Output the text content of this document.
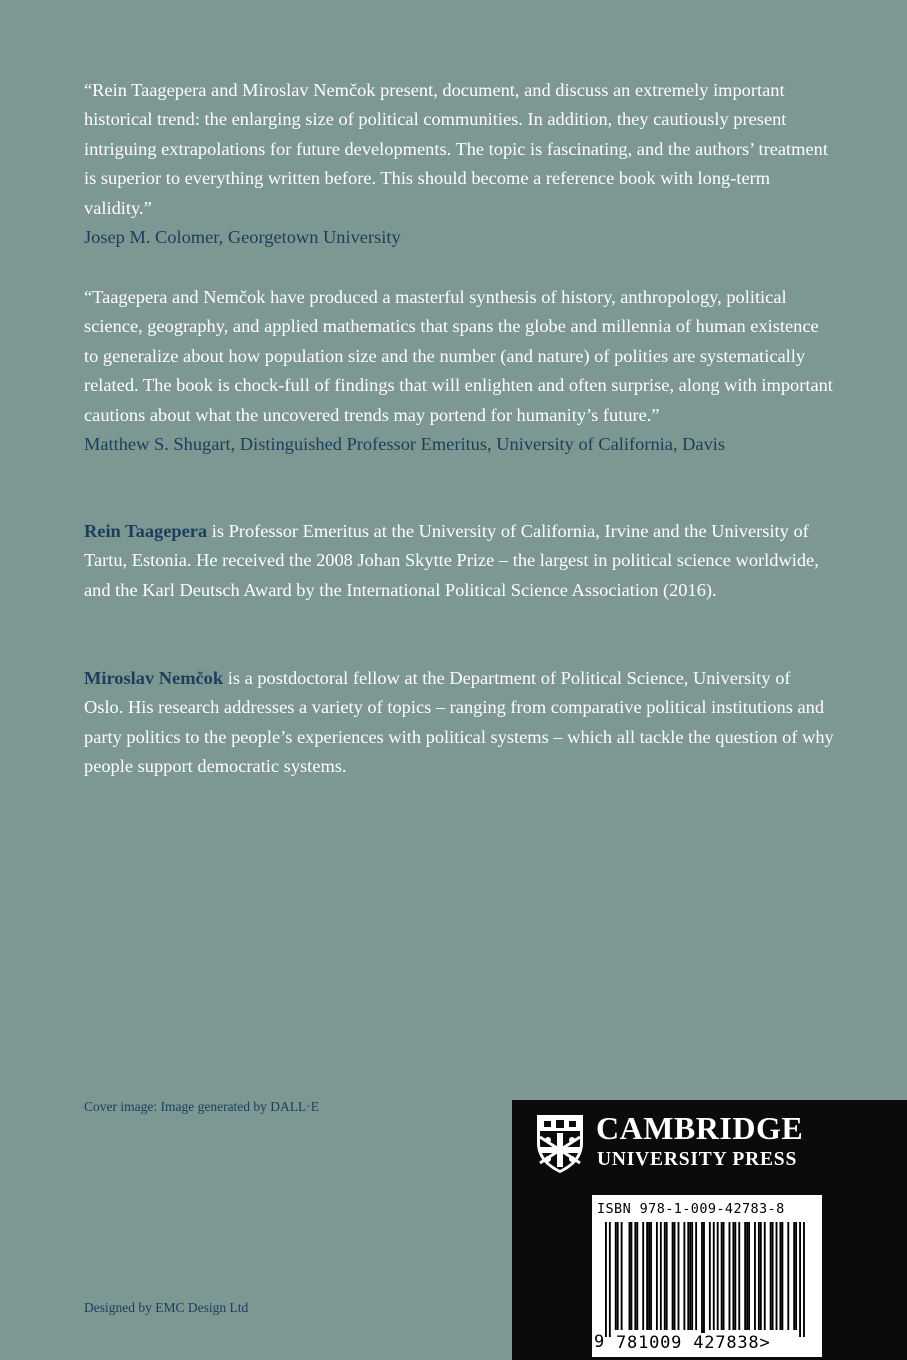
“Rein Taagepera and Miroslav Nemčok present, document, and discuss an extremely important historical trend: the enlarging size of political communities. In addition, they cautiously present intriguing extrapolations for future developments. The topic is fascinating, and the authors’ treatment is superior to everything written before. This should become a reference book with long-term validity.”

Josep M. Colomer, Georgetown University

“Taagepera and Nemčok have produced a masterful synthesis of history, anthropology, political science, geography, and applied mathematics that spans the globe and millennia of human existence to generalize about how population size and the number (and nature) of polities are systematically related. The book is chock-full of findings that will enlighten and often surprise, along with important cautions about what the uncovered trends may portend for humanity’s future.”

Matthew S. Shugart, Distinguished Professor Emeritus, University of California, Davis

Rein Taagepera is Professor Emeritus at the University of California, Irvine and the University of Tartu, Estonia. He received the 2008 Johan Skytte Prize – the largest in political science worldwide, and the Karl Deutsch Award by the International Political Science Association (2016).

Miroslav Nemčok is a postdoctoral fellow at the Department of Political Science, University of Oslo. His research addresses a variety of topics – ranging from comparative political institutions and party politics to the people’s experiences with political systems – which all tackle the question of why people support democratic systems.

Cover image: Image generated by DALL·E
Designed by EMC Design Ltd
CAMBRIDGE
UNIVERSITY PRESS
ISBN 978-1-009-42783-8
9 781009 427838>
